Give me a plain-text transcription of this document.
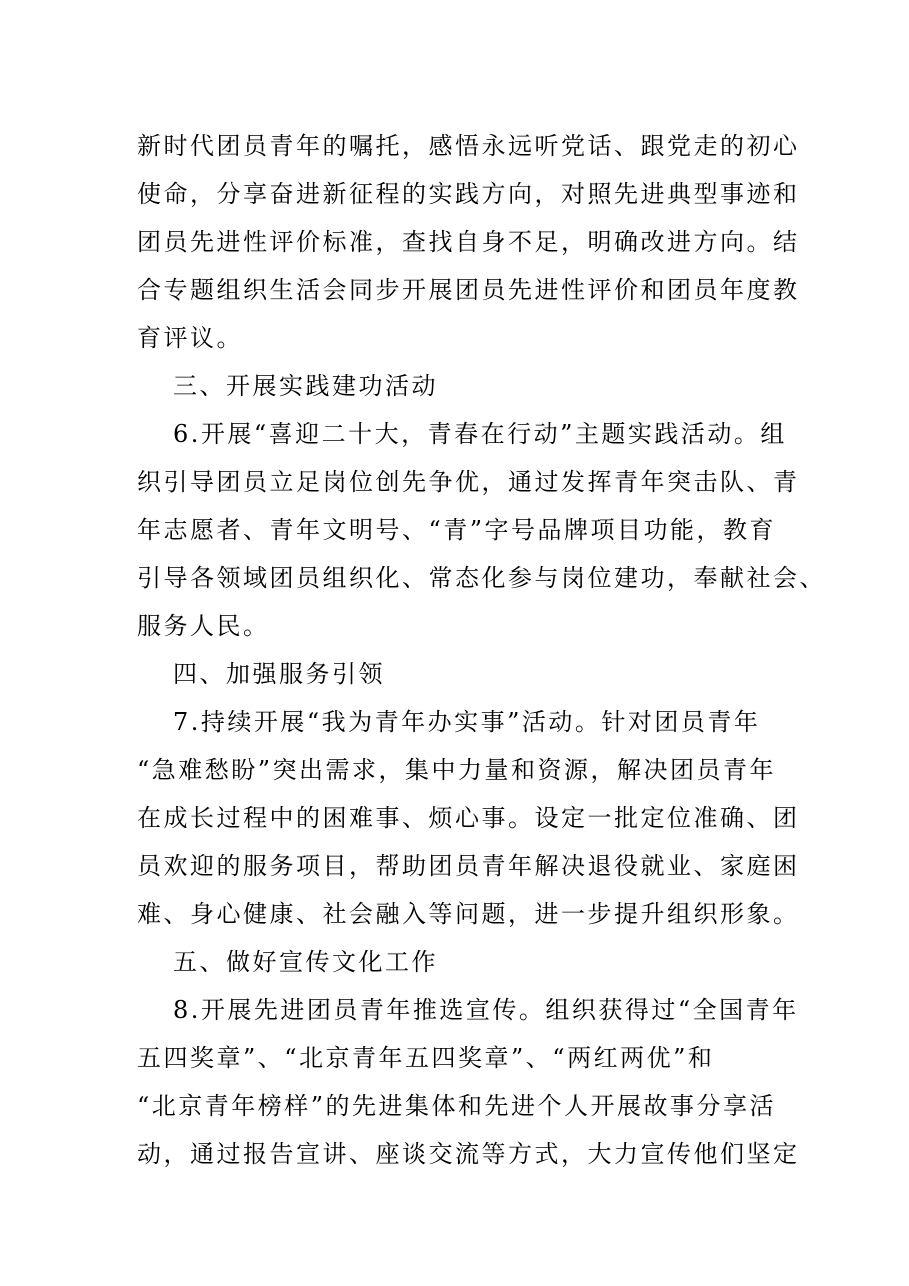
新时代团员青年的嘱托，感悟永远听党话、跟党走的初心
使命，分享奋进新征程的实践方向，对照先进典型事迹和
团员先进性评价标准，查找自身不足，明确改进方向。结
合专题组织生活会同步开展团员先进性评价和团员年度教
育评议。
三、开展实践建功活动
6.开展“喜迎二十大，青春在行动”主题实践活动。组
织引导团员立足岗位创先争优，通过发挥青年突击队、青
年志愿者、青年文明号、“青”字号品牌项目功能，教育
引导各领域团员组织化、常态化参与岗位建功，奉献社会、
服务人民。
四、加强服务引领
7.持续开展“我为青年办实事”活动。针对团员青年
“急难愁盼”突出需求，集中力量和资源，解决团员青年
在成长过程中的困难事、烦心事。设定一批定位准确、团
员欢迎的服务项目，帮助团员青年解决退役就业、家庭困
难、身心健康、社会融入等问题，进一步提升组织形象。
五、做好宣传文化工作
8.开展先进团员青年推选宣传。组织获得过“全国青年
五四奖章”、“北京青年五四奖章”、“两红两优”和
“北京青年榜样”的先进集体和先进个人开展故事分享活
动，通过报告宣讲、座谈交流等方式，大力宣传他们坚定
